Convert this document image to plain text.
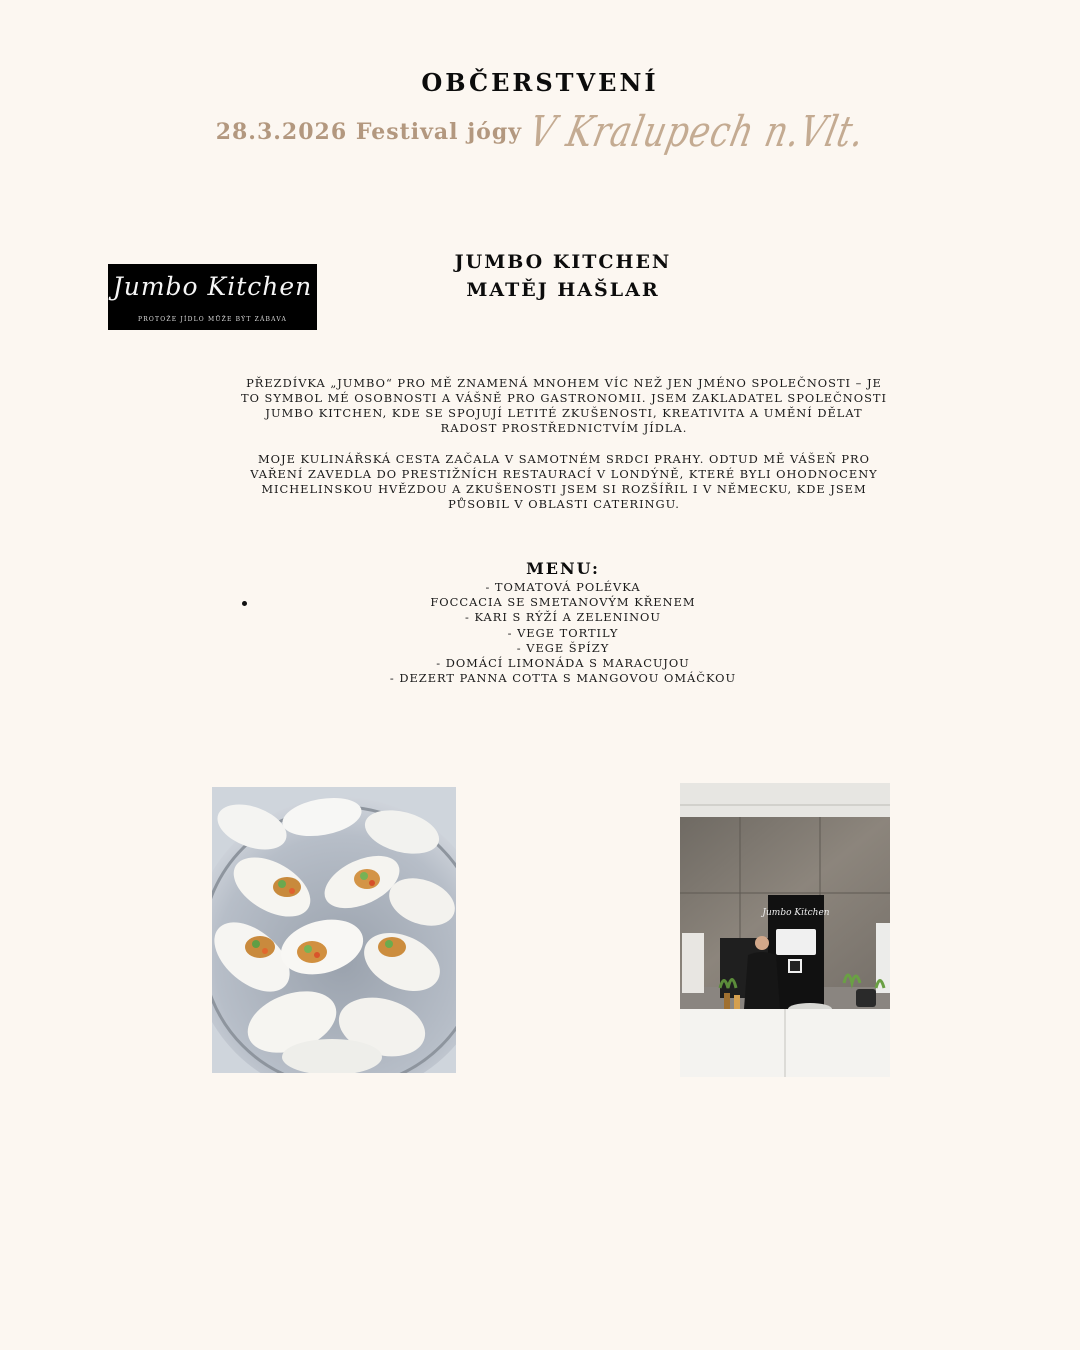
OBČERSTVENÍ
28.3.2026 Festival jógyV Kralupech n.Vlt.
Jumbo Kitchen
PROTOŽE JÍDLO MŮŽE BÝT ZÁBAVA
JUMBO KITCHEN
MATĚJ HAŠLAR

PŘEZDÍVKA „JUMBO“ PRO MĚ ZNAMENÁ MNOHEM VÍC NEŽ JEN JMÉNO SPOLEČNOSTI – JE TO SYMBOL MÉ OSOBNOSTI A VÁŠNĚ PRO GASTRONOMII. JSEM ZAKLADATEL SPOLEČNOSTI JUMBO KITCHEN, KDE SE SPOJUJÍ LETITÉ ZKUŠENOSTI, KREATIVITA A UMĚNÍ DĚLAT RADOST PROSTŘEDNICTVÍM JÍDLA.

MOJE KULINÁŘSKÁ CESTA ZAČALA V SAMOTNÉM SRDCI PRAHY. ODTUD MĚ VÁŠEŇ PRO VAŘENÍ ZAVEDLA DO PRESTIŽNÍCH RESTAURACÍ V LONDÝNĚ, KTERÉ BYLI OHODNOCENY MICHELINSKOU HVĚZDOU A ZKUŠENOSTI JSEM SI ROZŠÍŘIL I V NĚMECKU, KDE JSEM PŮSOBIL V OBLASTI CATERINGU.

MENU:
- TOMATOVÁ POLÉVKA
FOCCACIA SE SMETANOVÝM KŘENEM
- KARI S RÝŽÍ A ZELENINOU
- VEGE TORTILY
- VEGE ŠPÍZY
- DOMÁCÍ LIMONÁDA S MARACUJOU
- DEZERT PANNA COTTA S MANGOVOU OMÁČKOU
Jumbo Kitchen
